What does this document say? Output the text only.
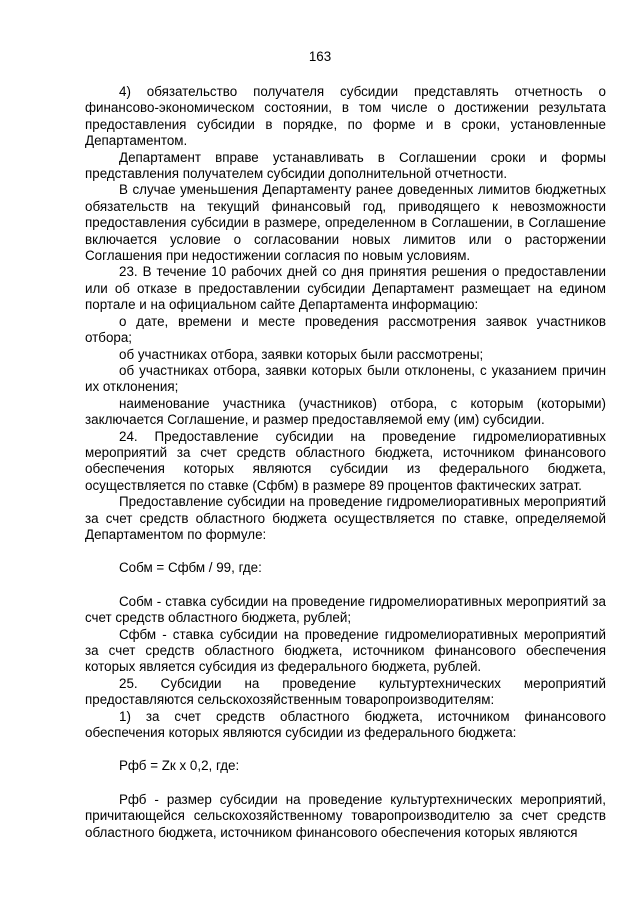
163

4) обязательство получателя субсидии представлять отчетность о финансово-экономическом состоянии, в том числе о достижении результата предоставления субсидии в порядке, по форме и в сроки, установленные Департаментом.

Департамент вправе устанавливать в Соглашении сроки и формы представления получателем субсидии дополнительной отчетности.

В случае уменьшения Департаменту ранее доведенных лимитов бюджетных обязательств на текущий финансовый год, приводящего к невозможности предоставления субсидии в размере, определенном в Соглашении, в Соглашение включается условие о согласовании новых лимитов или о расторжении Соглашения при недостижении согласия по новым условиям.

23. В течение 10 рабочих дней со дня принятия решения о предоставлении или об отказе в предоставлении субсидии Департамент размещает на едином портале и на официальном сайте Департамента информацию:

о дате, времени и месте проведения рассмотрения заявок участников отбора;

об участниках отбора, заявки которых были рассмотрены;

об участниках отбора, заявки которых были отклонены, с указанием причин их отклонения;

наименование участника (участников) отбора, с которым (которыми) заключается Соглашение, и размер предоставляемой ему (им) субсидии.

24. Предоставление субсидии на проведение гидромелиоративных мероприятий за счет средств областного бюджета, источником финансового обеспечения которых являются субсидии из федерального бюджета, осуществляется по ставке (Сфбм) в размере 89 процентов фактических затрат.

Предоставление субсидии на проведение гидромелиоративных мероприятий за счет средств областного бюджета осуществляется по ставке, определяемой Департаментом по формуле:

Собм = Сфбм / 99, где:

Собм - ставка субсидии на проведение гидромелиоративных мероприятий за счет средств областного бюджета, рублей;

Сфбм - ставка субсидии на проведение гидромелиоративных мероприятий за счет средств областного бюджета, источником финансового обеспечения которых является субсидия из федерального бюджета, рублей.

25. Субсидии на проведение культуртехнических мероприятий предоставляются сельскохозяйственным товаропроизводителям:

1) за счет средств областного бюджета, источником финансового обеспечения которых являются субсидии из федерального бюджета:

Рфб = Zк x 0,2, где:

Рфб - размер субсидии на проведение культуртехнических мероприятий, причитающейся сельскохозяйственному товаропроизводителю за счет средств областного бюджета, источником финансового обеспечения которых являются
